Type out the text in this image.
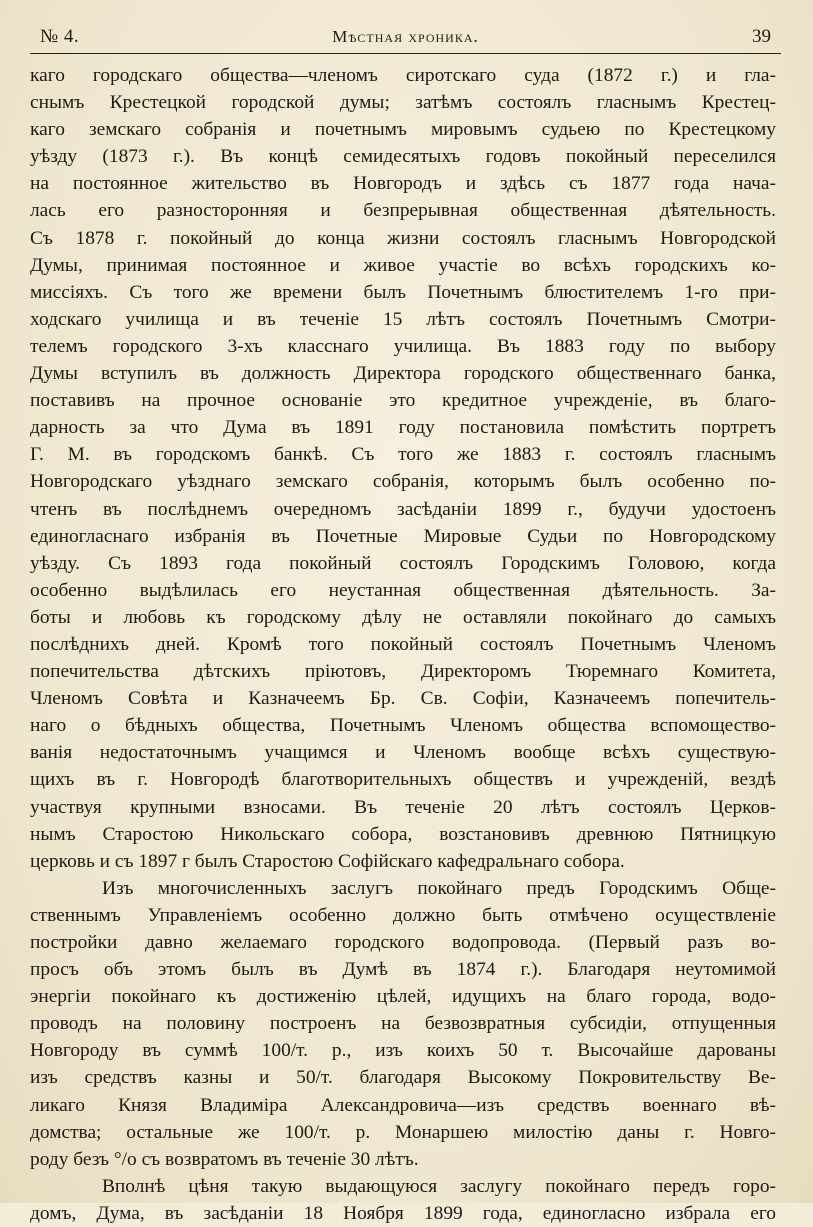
№ 4.	Мѣстная хроника.	39
каго городскаго общества—членомъ сиротскаго суда (1872 г.) и гла-
снымъ Крестецкой городской думы; затѣмъ состоялъ гласнымъ Крестец-
каго земскаго собранія и почетнымъ мировымъ судьею по Крестецкому
уѣзду (1873 г.). Въ концѣ семидесятыхъ годовъ покойный переселился
на постоянное жительство въ Новгородъ и здѣсь съ 1877 года нача-
лась его разносторонняя и безпрерывная общественная дѣятельность.
Съ 1878 г. покойный до конца жизни состоялъ гласнымъ Новгородской
Думы, принимая постоянное и живое участіе во всѣхъ городскихъ ко-
миссіяхъ. Съ того же времени былъ Почетнымъ блюстителемъ 1-го при-
ходскаго училища и въ теченіе 15 лѣтъ состоялъ Почетнымъ Смотри-
телемъ городского 3-хъ класснаго училища. Въ 1883 году по выбору
Думы вступилъ въ должность Директора городского общественнаго банка,
поставивъ на прочное основаніе это кредитное учрежденіе, въ благо-
дарность за что Дума въ 1891 году постановила помѣстить портретъ
Г. М. въ городскомъ банкѣ. Съ того же 1883 г. состоялъ гласнымъ
Новгородскаго уѣзднаго земскаго собранія, которымъ былъ особенно по-
чтенъ въ послѣднемъ очередномъ засѣданіи 1899 г., будучи удостоенъ
единогласнаго избранія въ Почетные Мировые Судьи по Новгородскому
уѣзду. Съ 1893 года покойный состоялъ Городскимъ Головою, когда
особенно выдѣлилась его неустанная общественная дѣятельность. За-
боты и любовь къ городскому дѣлу не оставляли покойнаго до самыхъ
послѣднихъ дней. Кромѣ того покойный состоялъ Почетнымъ Членомъ
попечительства дѣтскихъ пріютовъ, Директоромъ Тюремнаго Комитета,
Членомъ Совѣта и Казначеемъ Бр. Св. Софіи, Казначеемъ попечитель-
наго о бѣдныхъ общества, Почетнымъ Членомъ общества вспомощество-
ванія недостаточнымъ учащимся и Членомъ вообще всѣхъ существую-
щихъ въ г. Новгородѣ благотворительныхъ обществъ и учрежденій, вездѣ
участвуя крупными взносами. Въ теченіе 20 лѣтъ состоялъ Церков-
нымъ Старостою Никольскаго собора, возстановивъ древнюю Пятницкую
церковь и съ 1897 г былъ Старостою Софійскаго кафедральнаго собора.
Изъ многочисленныхъ заслугъ покойнаго предъ Городскимъ Обще-
ственнымъ Управленіемъ особенно должно быть отмѣчено осуществленіе
постройки давно желаемаго городского водопровода. (Первый разъ во-
просъ объ этомъ былъ въ Думѣ въ 1874 г.). Благодаря неутомимой
энергіи покойнаго къ достиженію цѣлей, идущихъ на благо города, водо-
проводъ на половину построенъ на безвозвратныя субсидіи, отпущенныя
Новгороду въ суммѣ 100/т. р., изъ коихъ 50 т. Высочайше дарованы
изъ средствъ казны и 50/т. благодаря Высокому Покровительству Ве-
ликаго Князя Владиміра Александровича—изъ средствъ военнаго вѣ-
домства; остальные же 100/т. р. Монаршею милостію даны г. Новго-
роду безъ °/о съ возвратомъ въ теченіе 30 лѣтъ.
Вполнѣ цѣня такую выдающуюся заслугу покойнаго передъ горо-
домъ, Дума, въ засѣданіи 18 Ноября 1899 года, единогласно избрала его
